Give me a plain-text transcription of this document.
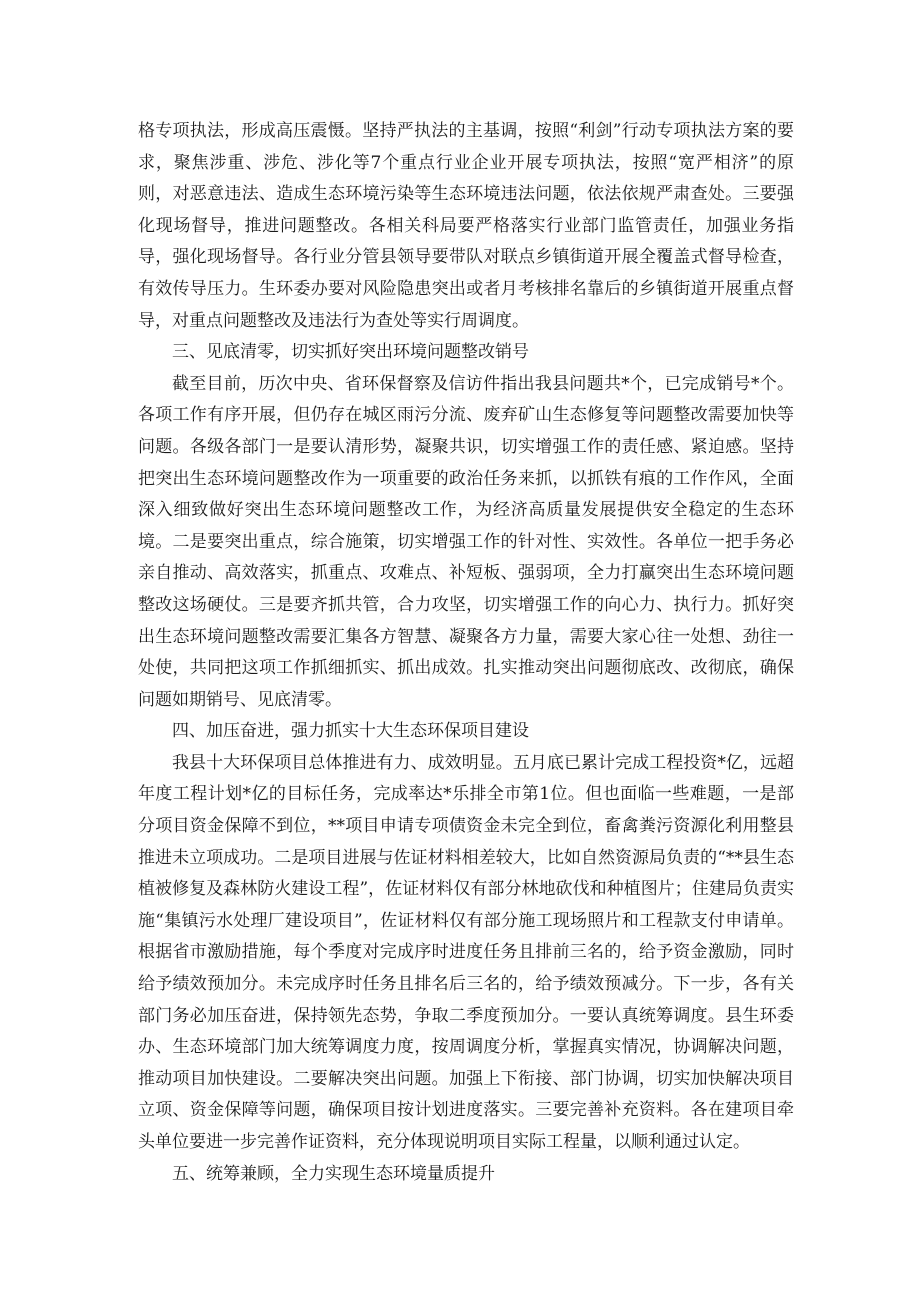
格专项执法，形成高压震慑。坚持严执法的主基调，按照“利剑”行动专项执法方案的要求，聚焦涉重、涉危、涉化等7个重点行业企业开展专项执法，按照“宽严相济”的原则，对恶意违法、造成生态环境污染等生态环境违法问题，依法依规严肃查处。三要强化现场督导，推进问题整改。各相关科局要严格落实行业部门监管责任，加强业务指导，强化现场督导。各行业分管县领导要带队对联点乡镇街道开展全覆盖式督导检查，有效传导压力。生环委办要对风险隐患突出或者月考核排名靠后的乡镇街道开展重点督导，对重点问题整改及违法行为查处等实行周调度。

三、见底清零，切实抓好突出环境问题整改销号

截至目前，历次中央、省环保督察及信访件指出我县问题共*个，已完成销号*个。各项工作有序开展，但仍存在城区雨污分流、废弃矿山生态修复等问题整改需要加快等问题。各级各部门一是要认清形势，凝聚共识，切实增强工作的责任感、紧迫感。坚持把突出生态环境问题整改作为一项重要的政治任务来抓，以抓铁有痕的工作作风，全面深入细致做好突出生态环境问题整改工作，为经济高质量发展提供安全稳定的生态环境。二是要突出重点，综合施策，切实增强工作的针对性、实效性。各单位一把手务必亲自推动、高效落实，抓重点、攻难点、补短板、强弱项，全力打赢突出生态环境问题整改这场硬仗。三是要齐抓共管，合力攻坚，切实增强工作的向心力、执行力。抓好突出生态环境问题整改需要汇集各方智慧、凝聚各方力量，需要大家心往一处想、劲往一处使，共同把这项工作抓细抓实、抓出成效。扎实推动突出问题彻底改、改彻底，确保问题如期销号、见底清零。

四、加压奋进，强力抓实十大生态环保项目建设

我县十大环保项目总体推进有力、成效明显。五月底已累计完成工程投资*亿，远超年度工程计划*亿的目标任务，完成率达*乐排全市第1位。但也面临一些难题，一是部分项目资金保障不到位，**项目申请专项债资金未完全到位，畜禽粪污资源化利用整县推进未立项成功。二是项目进展与佐证材料相差较大，比如自然资源局负责的“**县生态植被修复及森林防火建设工程”，佐证材料仅有部分林地砍伐和种植图片；住建局负责实施“集镇污水处理厂建设项目”，佐证材料仅有部分施工现场照片和工程款支付申请单。根据省市激励措施，每个季度对完成序时进度任务且排前三名的，给予资金激励，同时给予绩效预加分。未完成序时任务且排名后三名的，给予绩效预减分。下一步，各有关部门务必加压奋进，保持领先态势，争取二季度预加分。一要认真统筹调度。县生环委办、生态环境部门加大统筹调度力度，按周调度分析，掌握真实情况，协调解决问题，推动项目加快建设。二要解决突出问题。加强上下衔接、部门协调，切实加快解决项目立项、资金保障等问题，确保项目按计划进度落实。三要完善补充资料。各在建项目牵头单位要进一步完善作证资料，充分体现说明项目实际工程量，以顺利通过认定。

五、统筹兼顾，全力实现生态环境量质提升
